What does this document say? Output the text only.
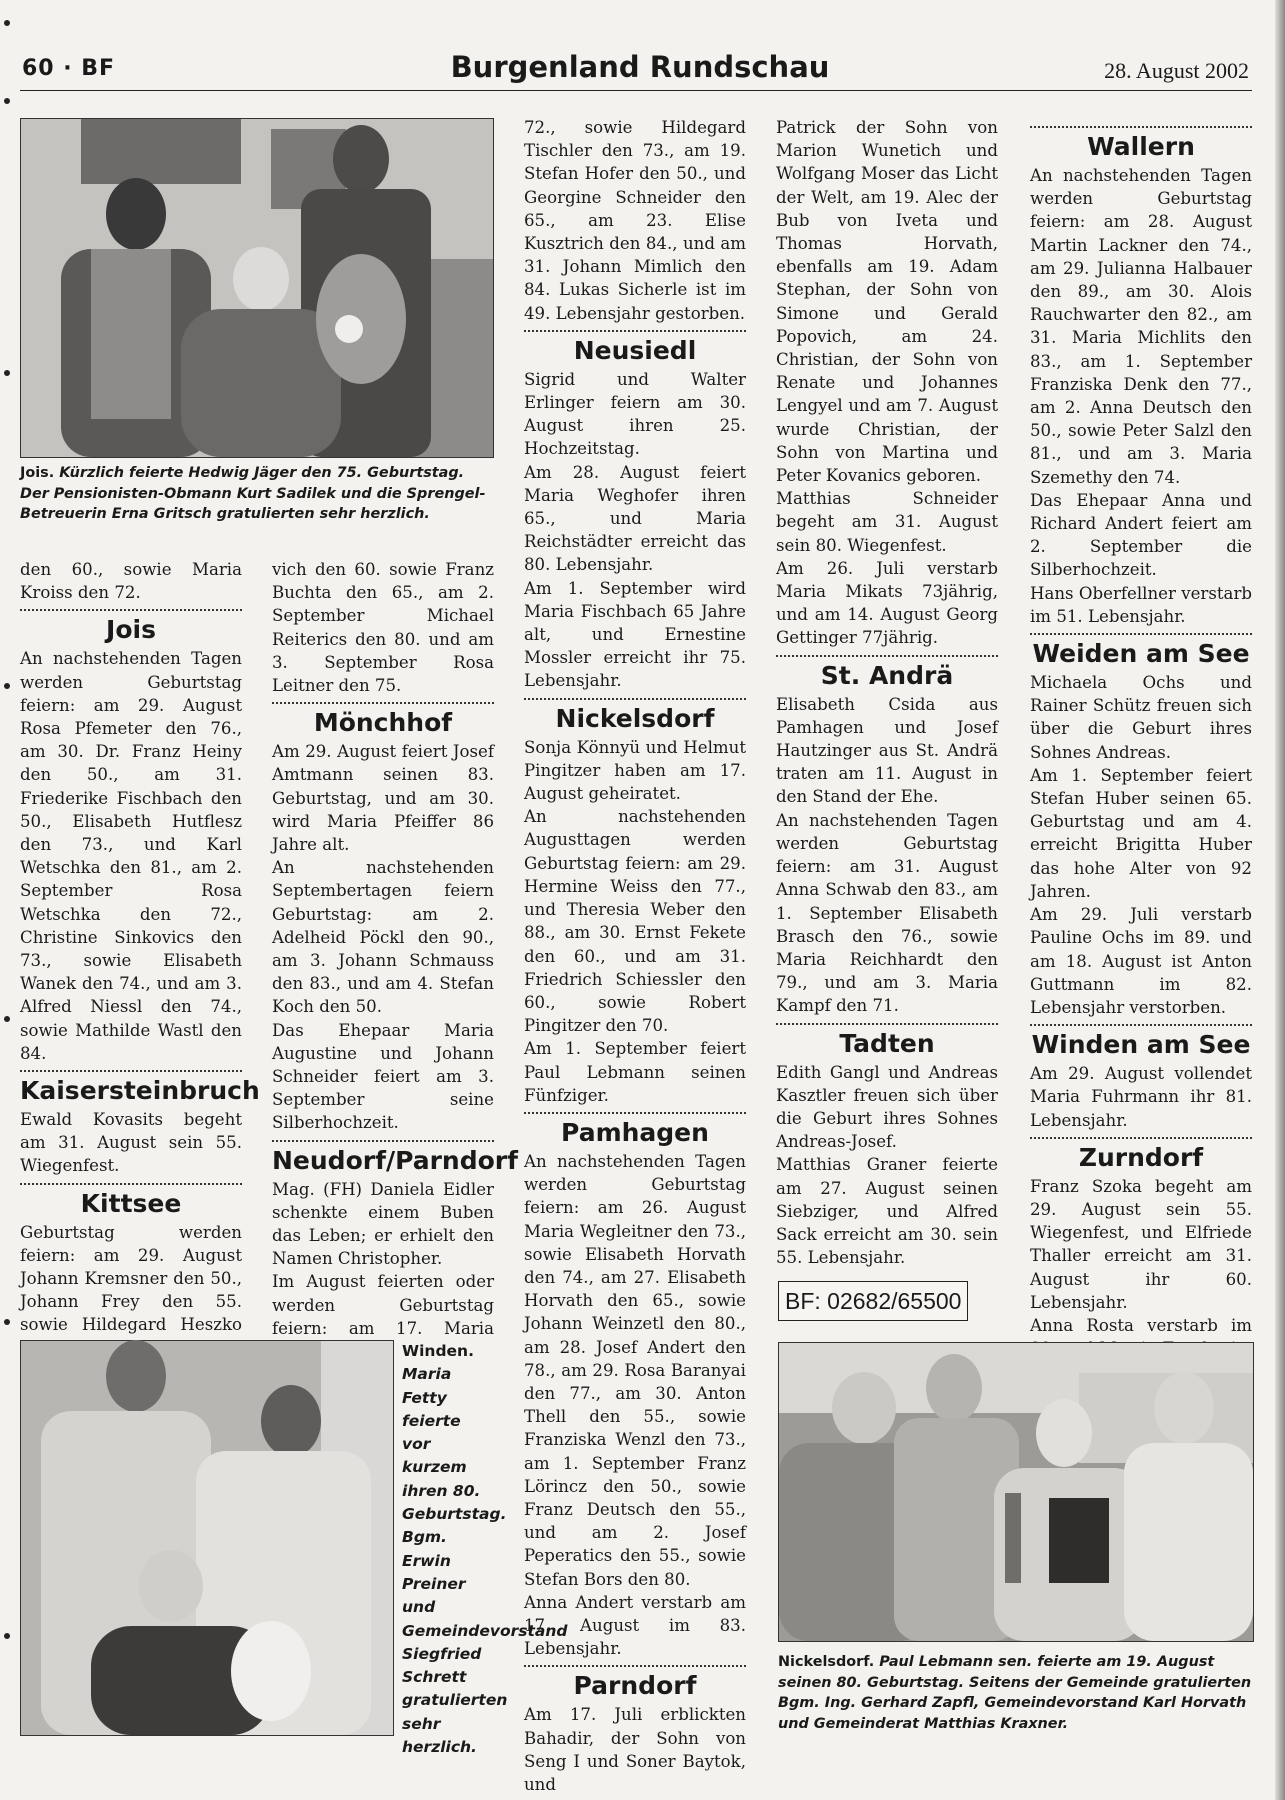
60 · BF	Burgenland Rundschau	28. August 2002
Jois. Kürzlich feierte Hedwig Jäger den 75. Geburtstag. Der Pensionisten-Obmann Kurt Sadilek und die Sprengel-Betreuerin Erna Gritsch gratulierten sehr herzlich.

den 60., sowie Maria Kroiss den 72.

Jois

An nachstehenden Tagen werden Geburtstag feiern: am 29. August Rosa Pfemeter den 76., am 30. Dr. Franz Heiny den 50., am 31. Friederike Fischbach den 50., Elisabeth Hutflesz den 73., und Karl Wetschka den 81., am 2. September Rosa Wetschka den 72., Christine Sinkovics den 73., sowie Elisabeth Wanek den 74., und am 3. Alfred Niessl den 74., sowie Mathilde Wastl den 84.

Kaisersteinbruch

Ewald Kovasits begeht am 31. August sein 55. Wiegenfest.

Kittsee

Geburtstag werden feiern: am 29. August Johann Kremsner den 50., Johann Frey den 55. sowie Hildegard Heszko

vich den 60. sowie Franz Buchta den 65., am 2. September Michael Reiterics den 80. und am 3. September Rosa Leitner den 75.

Mönchhof

Am 29. August feiert Josef Amtmann seinen 83. Geburtstag, und am 30. wird Maria Pfeiffer 86 Jahre alt.

An nachstehenden Septembertagen feiern Geburtstag: am 2. Adelheid Pöckl den 90., am 3. Johann Schmauss den 83., und am 4. Stefan Koch den 50.

Das Ehepaar Maria Augustine und Johann Schneider feiert am 3. September seine Silberhochzeit.

Neudorf/Parndorf

Mag. (FH) Daniela Eidler schenkte einem Buben das Leben; er erhielt den Namen Christopher.

Im August feierten oder werden Geburtstag feiern: am 17. Maria

Winden. Maria Fetty feierte vor kurzem ihren 80. Geburtstag. Bgm. Erwin Preiner und Gemeindevorstand Siegfried Schrett gratulierten sehr herzlich.

72., sowie Hildegard Tischler den 73., am 19. Stefan Hofer den 50., und Georgine Schneider den 65., am 23. Elise Kusztrich den 84., und am 31. Johann Mimlich den 84. Lukas Sicherle ist im 49. Lebensjahr gestorben.

Neusiedl

Sigrid und Walter Erlinger feiern am 30. August ihren 25. Hochzeitstag.

Am 28. August feiert Maria Weghofer ihren 65., und Maria Reichstädter erreicht das 80. Lebensjahr.

Am 1. September wird Maria Fischbach 65 Jahre alt, und Ernestine Mossler erreicht ihr 75. Lebensjahr.

Nickelsdorf

Sonja Könnyü und Helmut Pingitzer haben am 17. August geheiratet.

An nachstehenden Augusttagen werden Geburtstag feiern: am 29. Hermine Weiss den 77., und Theresia Weber den 88., am 30. Ernst Fekete den 60., und am 31. Friedrich Schiessler den 60., sowie Robert Pingitzer den 70.

Am 1. September feiert Paul Lebmann seinen Fünfziger.

Pamhagen

An nachstehenden Tagen werden Geburtstag feiern: am 26. August Maria Wegleitner den 73., sowie Elisabeth Horvath den 74., am 27. Elisabeth Horvath den 65., sowie Johann Weinzetl den 80., am 28. Josef Andert den 78., am 29. Rosa Baranyai den 77., am 30. Anton Thell den 55., sowie Franziska Wenzl den 73., am 1. September Franz Lörincz den 50., sowie Franz Deutsch den 55., und am 2. Josef Peperatics den 55., sowie Stefan Bors den 80.

Anna Andert verstarb am 17. August im 83. Lebensjahr.

Parndorf

Am 17. Juli erblickten Bahadir, der Sohn von Seng I und Soner Baytok, und

Patrick der Sohn von Marion Wunetich und Wolfgang Moser das Licht der Welt, am 19. Alec der Bub von Iveta und Thomas Horvath, ebenfalls am 19. Adam Stephan, der Sohn von Simone und Gerald Popovich, am 24. Christian, der Sohn von Renate und Johannes Lengyel und am 7. August wurde Christian, der Sohn von Martina und Peter Kovanics geboren.

Matthias Schneider begeht am 31. August sein 80. Wiegenfest.

Am 26. Juli verstarb Maria Mikats 73jährig, und am 14. August Georg Gettinger 77jährig.

St. Andrä

Elisabeth Csida aus Pamhagen und Josef Hautzinger aus St. Andrä traten am 11. August in den Stand der Ehe.

An nachstehenden Tagen werden Geburtstag feiern: am 31. August Anna Schwab den 83., am 1. September Elisabeth Brasch den 76., sowie Maria Reichhardt den 79., und am 3. Maria Kampf den 71.

Tadten

Edith Gangl und Andreas Kasztler freuen sich über die Geburt ihres Sohnes Andreas-Josef.

Matthias Graner feierte am 27. August seinen Siebziger, und Alfred Sack erreicht am 30. sein 55. Lebensjahr.

BF: 02682/65500
Wallern

An nachstehenden Tagen werden Geburtstag feiern: am 28. August Martin Lackner den 74., am 29. Julianna Halbauer den 89., am 30. Alois Rauchwarter den 82., am 31. Maria Michlits den 83., am 1. September Franziska Denk den 77., am 2. Anna Deutsch den 50., sowie Peter Salzl den 81., und am 3. Maria Szemethy den 74.

Das Ehepaar Anna und Richard Andert feiert am 2. September die Silberhochzeit.

Hans Oberfellner verstarb im 51. Lebensjahr.

Weiden am See

Michaela Ochs und Rainer Schütz freuen sich über die Geburt ihres Sohnes Andreas.

Am 1. September feiert Stefan Huber seinen 65. Geburtstag und am 4. erreicht Brigitta Huber das hohe Alter von 92 Jahren.

Am 29. Juli verstarb Pauline Ochs im 89. und am 18. August ist Anton Guttmann im 82. Lebensjahr verstorben.

Winden am See

Am 29. August vollendet Maria Fuhrmann ihr 81. Lebensjahr.

Zurndorf

Franz Szoka begeht am 29. August sein 55. Wiegenfest, und Elfriede Thaller erreicht am 31. August ihr 60. Lebensjahr.

Anna Rosta verstarb im

Nickelsdorf. Paul Lebmann sen. feierte am 19. August seinen 80. Geburtstag. Seitens der Gemeinde gratulierten Bgm. Ing. Gerhard Zapfl, Gemeindevorstand Karl Horvath und Gemeinderat Matthias Kraxner.
